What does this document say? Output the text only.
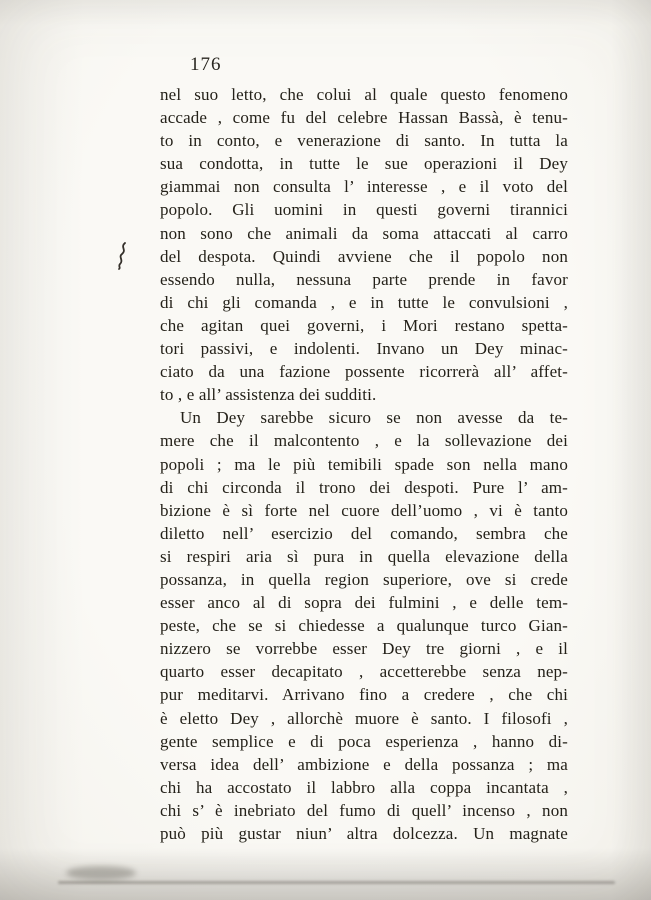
176
nel suo letto, che colui al quale questo fenomeno
accade , come fu del celebre Hassan Bassà, è tenu-
to in conto, e venerazione di santo. In tutta la
sua condotta, in tutte le sue operazioni il Dey
giammai non consulta l’ interesse , e il voto del
popolo. Gli uomini in questi governi tirannici
non sono che animali da soma attaccati al carro
del despota. Quindi avviene che il popolo non
essendo nulla, nessuna parte prende in favor
di chi gli comanda , e in tutte le convulsioni ,
che agitan quei governi, i Mori restano spetta-
tori passivi, e indolenti. Invano un Dey minac-
ciato da una fazione possente ricorrerà all’ affet-
to , e all’ assistenza dei sudditi.
Un Dey sarebbe sicuro se non avesse da te-
mere che il malcontento , e la sollevazione dei
popoli ; ma le più temibili spade son nella mano
di chi circonda il trono dei despoti. Pure l’ am-
bizione è sì forte nel cuore dell’uomo , vi è tanto
diletto nell’ esercizio del comando, sembra che
si respiri aria sì pura in quella elevazione della
possanza, in quella region superiore, ove si crede
esser anco al di sopra dei fulmini , e delle tem-
peste, che se si chiedesse a qualunque turco Gian-
nizzero se vorrebbe esser Dey tre giorni , e il
quarto esser decapitato , accetterebbe senza nep-
pur meditarvi. Arrivano fino a credere , che chi
è eletto Dey , allorchè muore è santo. I filosofi ,
gente semplice e di poca esperienza , hanno di-
versa idea dell’ ambizione e della possanza ; ma
chi ha accostato il labbro alla coppa incantata ,
chi s’ è inebriato del fumo di quell’ incenso , non
può più gustar niun’ altra dolcezza. Un magnate
